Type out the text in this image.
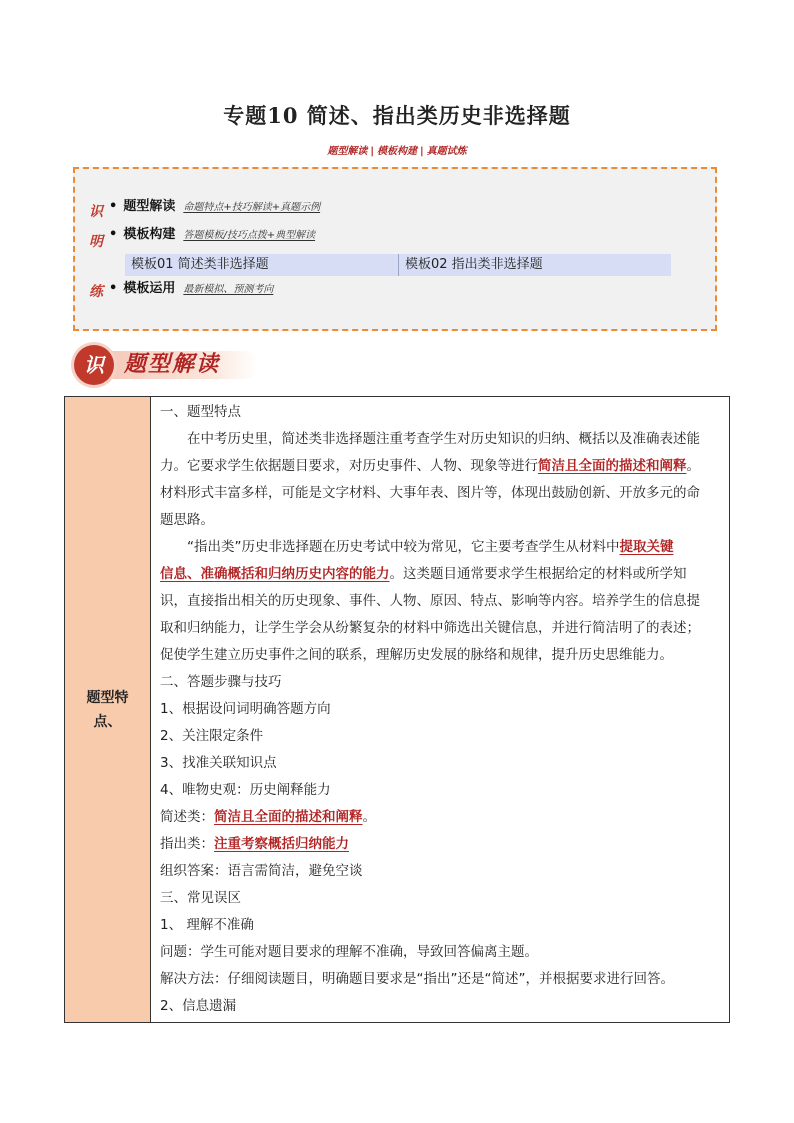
专题10 简述、指出类历史非选择题
题型解读 | 模板构建 | 真题试炼
识
明
练
• 题型解读 命题特点+技巧解读+真题示例
• 模板构建 答题模板/技巧点拨+典型解读
模板01 简述类非选择题	模板02 指出类非选择题
• 模板运用 最新模拟、预测考向
识 题型解读
题型特
点、

一、题型特点
在中考历史里，简述类非选择题注重考查学生对历史知识的归纳、概括以及准确表述能
力。它要求学生依据题目要求，对历史事件、人物、现象等进行简洁且全面的描述和阐释。
材料形式丰富多样，可能是文字材料、大事年表、图片等，体现出鼓励创新、开放多元的命
题思路。
“指出类”历史非选择题在历史考试中较为常见，它主要考查学生从材料中提取关键
信息、准确概括和归纳历史内容的能力。这类题目通常要求学生根据给定的材料或所学知
识，直接指出相关的历史现象、事件、人物、原因、特点、影响等内容。培养学生的信息提
取和归纳能力，让学生学会从纷繁复杂的材料中筛选出关键信息，并进行简洁明了的表述；
促使学生建立历史事件之间的联系，理解历史发展的脉络和规律，提升历史思维能力。
二、答题步骤与技巧
1、根据设问词明确答题方向
2、关注限定条件
3、找准关联知识点
4、唯物史观：历史阐释能力
简述类：简洁且全面的描述和阐释。
指出类：注重考察概括归纳能力
组织答案：语言需简洁，避免空谈
三、常见误区
1、 理解不准确
问题：学生可能对题目要求的理解不准确，导致回答偏离主题。
解决方法：仔细阅读题目，明确题目要求是“指出”还是“简述”，并根据要求进行回答。
2、信息遗漏
